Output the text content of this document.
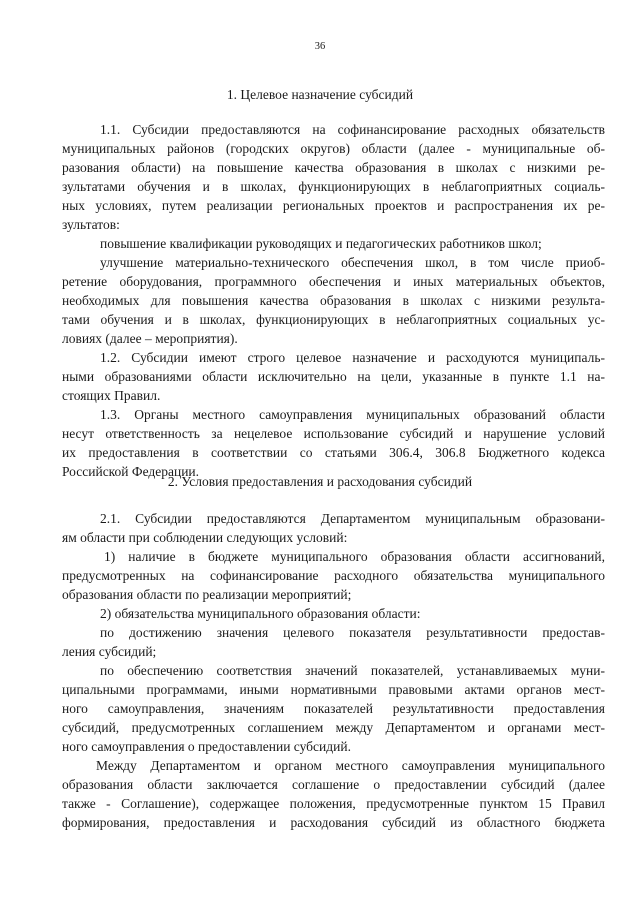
36
1. Целевое назначение субсидий
1.1. Субсидии предоставляются на софинансирование расходных обязательств
муниципальных районов (городских округов) области (далее - муниципальные об-
разования области) на повышение качества образования в школах с низкими ре-
зультатами обучения и в школах, функционирующих в неблагоприятных социаль-
ных условиях, путем реализации региональных проектов и распространения их ре-
зультатов:
повышение квалификации руководящих и педагогических работников школ;
улучшение материально-технического обеспечения школ, в том числе приоб-
ретение оборудования, программного обеспечения и иных материальных объектов,
необходимых для повышения качества образования в школах с низкими результа-
тами обучения и в школах, функционирующих в неблагоприятных социальных ус-
ловиях (далее – мероприятия).
1.2. Субсидии имеют строго целевое назначение и расходуются муниципаль-
ными образованиями области исключительно на цели, указанные в пункте 1.1 на-
стоящих Правил.
1.3. Органы местного самоуправления муниципальных образований области
несут ответственность за нецелевое использование субсидий и нарушение условий
их предоставления в соответствии со статьями 306.4, 306.8 Бюджетного кодекса
Российской Федерации.
2. Условия предоставления и расходования субсидий
2.1. Субсидии предоставляются Департаментом муниципальным образовани-
ям области при соблюдении следующих условий:
1) наличие в бюджете муниципального образования области ассигнований,
предусмотренных на софинансирование расходного обязательства муниципального
образования области по реализации мероприятий;
2) обязательства муниципального образования области:
по достижению значения целевого показателя результативности предостав-
ления субсидий;
по обеспечению соответствия значений показателей, устанавливаемых муни-
ципальными программами, иными нормативными правовыми актами органов мест-
ного самоуправления, значениям показателей результативности предоставления
субсидий, предусмотренных соглашением между Департаментом и органами мест-
ного самоуправления о предоставлении субсидий.
Между Департаментом и органом местного самоуправления муниципального
образования области заключается соглашение о предоставлении субсидий (далее
также - Соглашение), содержащее положения, предусмотренные пунктом 15 Правил
формирования, предоставления и расходования субсидий из областного бюджета
